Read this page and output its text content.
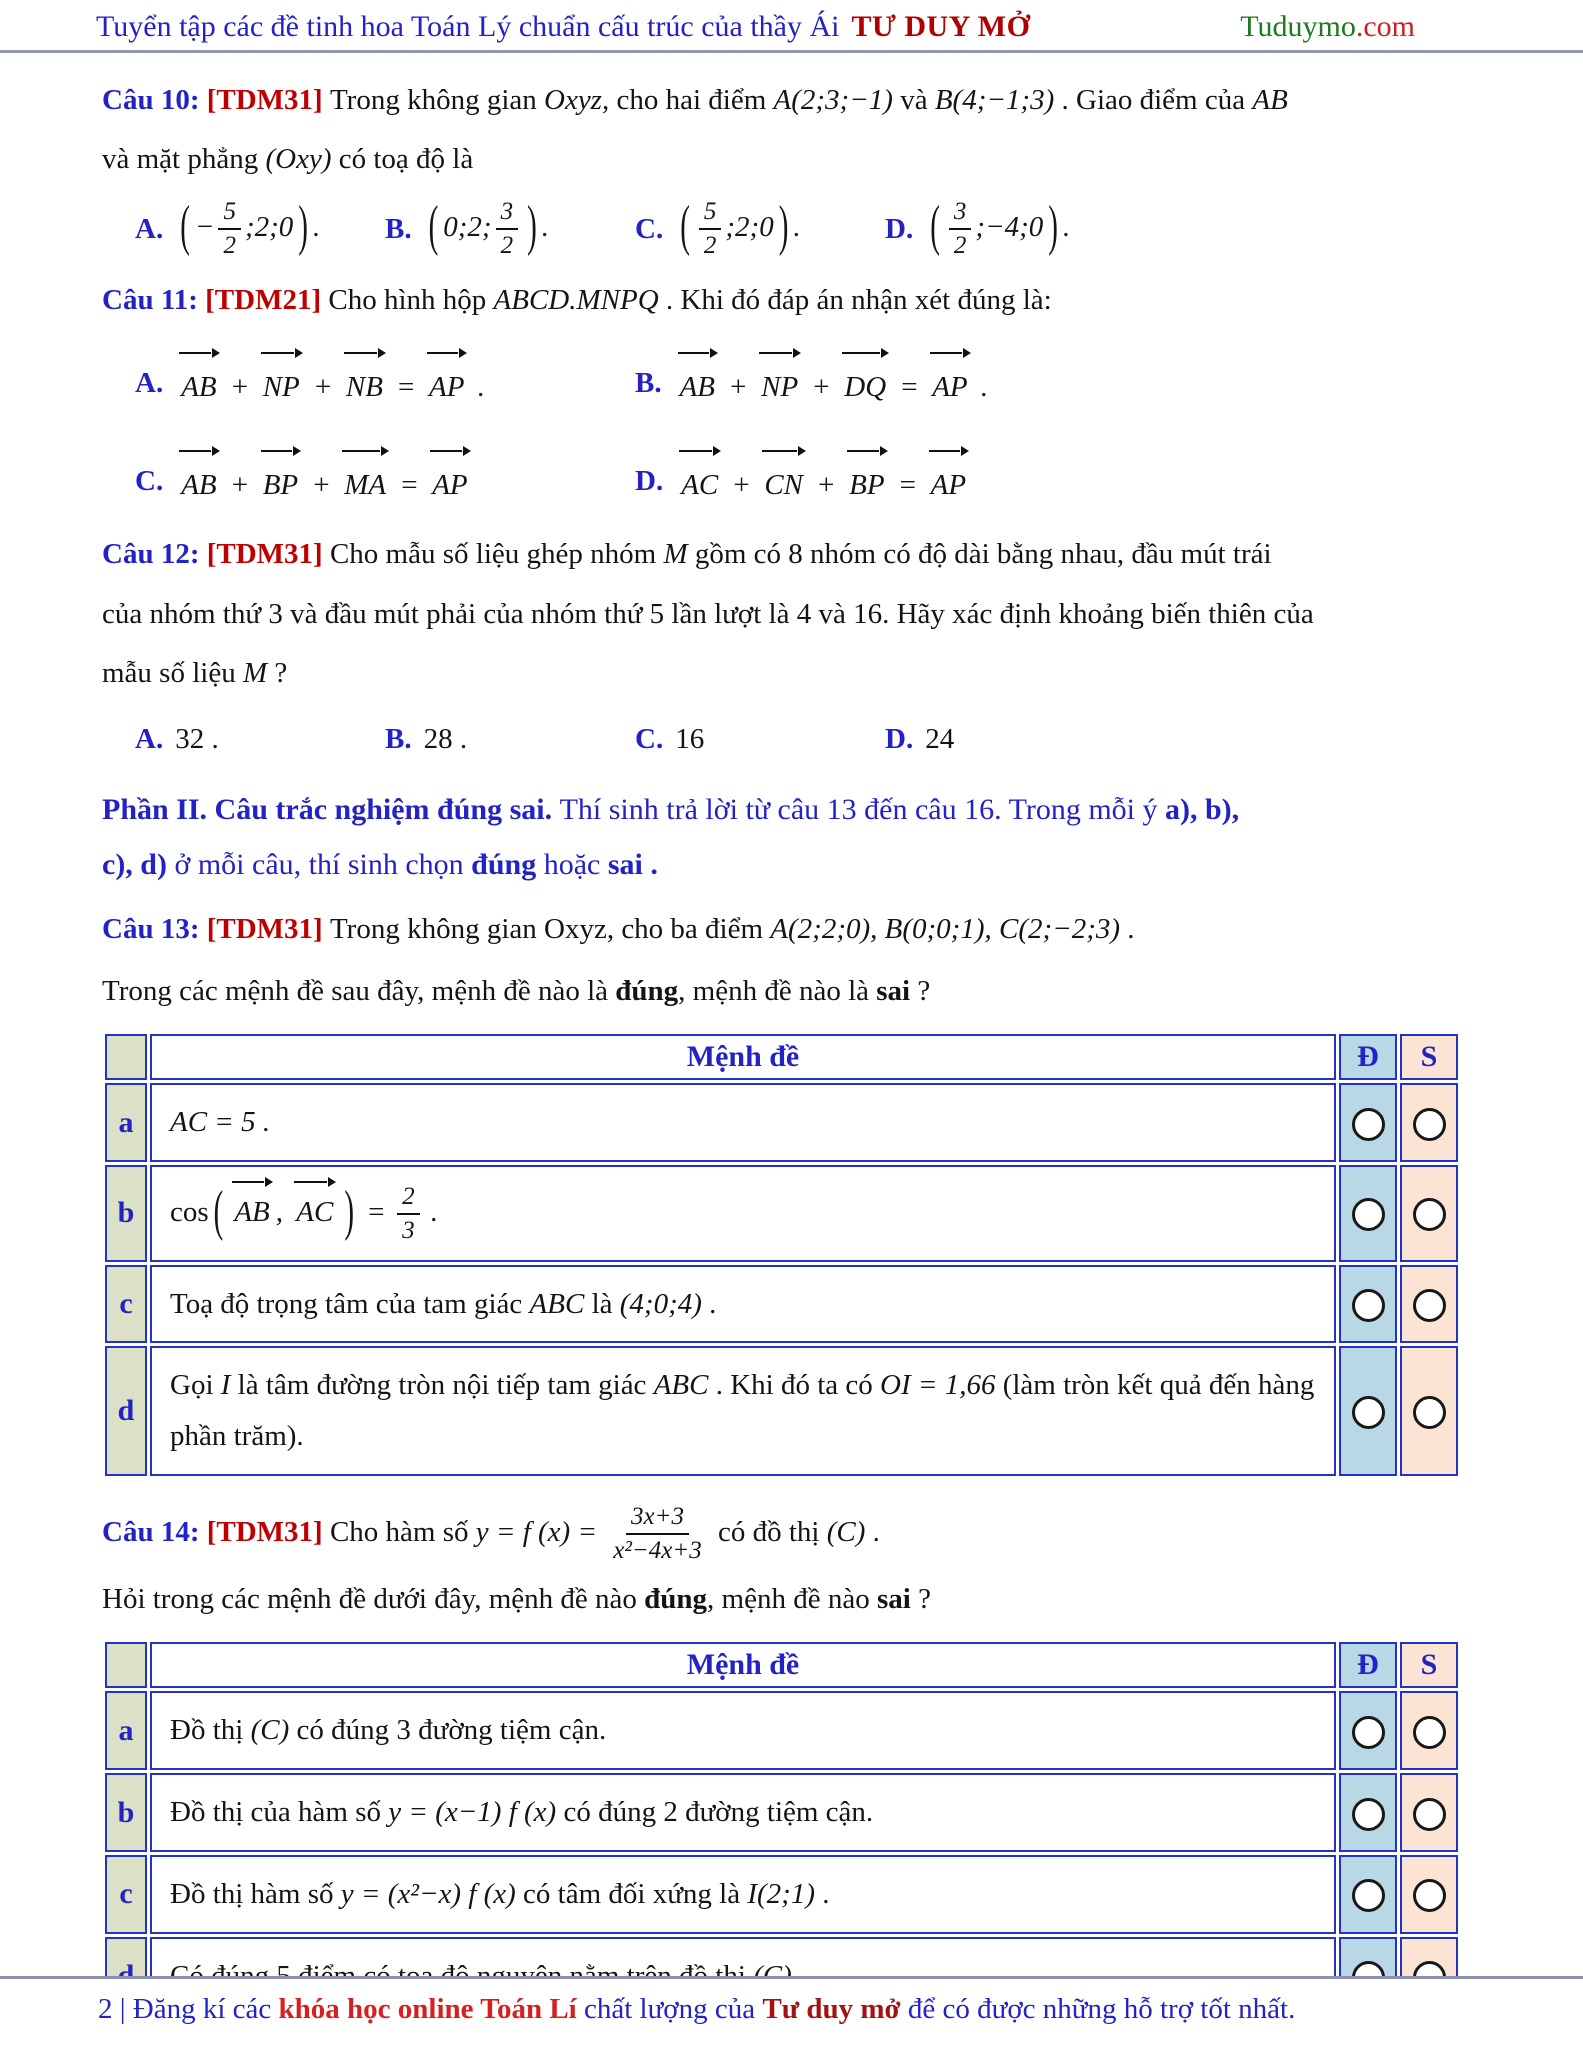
Tuyển tập các đề tinh hoa Toán Lý chuẩn cấu trúc của thầy Ái TƯ DUY MỞ	Tuduymo.com

Câu 10: [TDM31] Trong không gian Oxyz, cho hai điểm A(2;3;−1) và B(4;−1;3) . Giao điểm của AB
và mặt phẳng (Oxy) có toạ độ là

A. ( − $\frac{5}{2}$ ;2;0 ) . B. ( 0;2; $\frac{3}{2}$ ) .	C. ( $\frac{5}{2}$ ;2;0 ) .	D. ( $\frac{3}{2}$ ;−4;0 ) .

Câu 11: [TDM21] Cho hình hộp ABCD.MNPQ . Khi đó đáp án nhận xét đúng là:

A. AB + NP + NB = AP .	B. AB + NP + DQ = AP .
C. AB + BP + MA = AP	D. AC + CN + BP = AP

Câu 12: [TDM31] Cho mẫu số liệu ghép nhóm M gồm có 8 nhóm có độ dài bằng nhau, đầu mút trái
của nhóm thứ 3 và đầu mút phải của nhóm thứ 5 lần lượt là 4 và 16. Hãy xác định khoảng biến thiên của
mẫu số liệu M ?

A. 32 .	B. 28 .	C. 16	D. 24

Phần II. Câu trắc nghiệm đúng sai. Thí sinh trả lời từ câu 13 đến câu 16. Trong mỗi ý a), b),
c), d) ở mỗi câu, thí sinh chọn đúng hoặc sai .

Câu 13: [TDM31] Trong không gian Oxyz, cho ba điểm A(2;2;0), B(0;0;1), C(2;−2;3) .

Trong các mệnh đề sau đây, mệnh đề nào là đúng, mệnh đề nào là sai ?

	Mệnh đề	Đ	S
a	AC = 5 .		
b	cos ( AB , AC ) = $\frac{2}{3}$ .		
c	Toạ độ trọng tâm của tam giác ABC là (4;0;4) .		
d	Gọi I là tâm đường tròn nội tiếp tam giác ABC . Khi đó ta có OI = 1,66 (làm tròn kết quả đến hàng phần trăm).		

Câu 14: [TDM31] Cho hàm số y = f $(x) = \frac{3x+3}{\text{x²−4x+3}}$ có đồ thị (C) .

Hỏi trong các mệnh đề dưới đây, mệnh đề nào đúng, mệnh đề nào sai ?

	Mệnh đề	Đ	S
a	Đồ thị (C) có đúng 3 đường tiệm cận.		
b	Đồ thị của hàm số y = (x−1) f (x) có đúng 2 đường tiệm cận.		
c	Đồ thị hàm số y = (x²−x) f (x) có tâm đối xứng là I(2;1) .		

2 | Đăng kí các khóa học online Toán Lí chất lượng của Tư duy mở để có được những hỗ trợ tốt nhất.
